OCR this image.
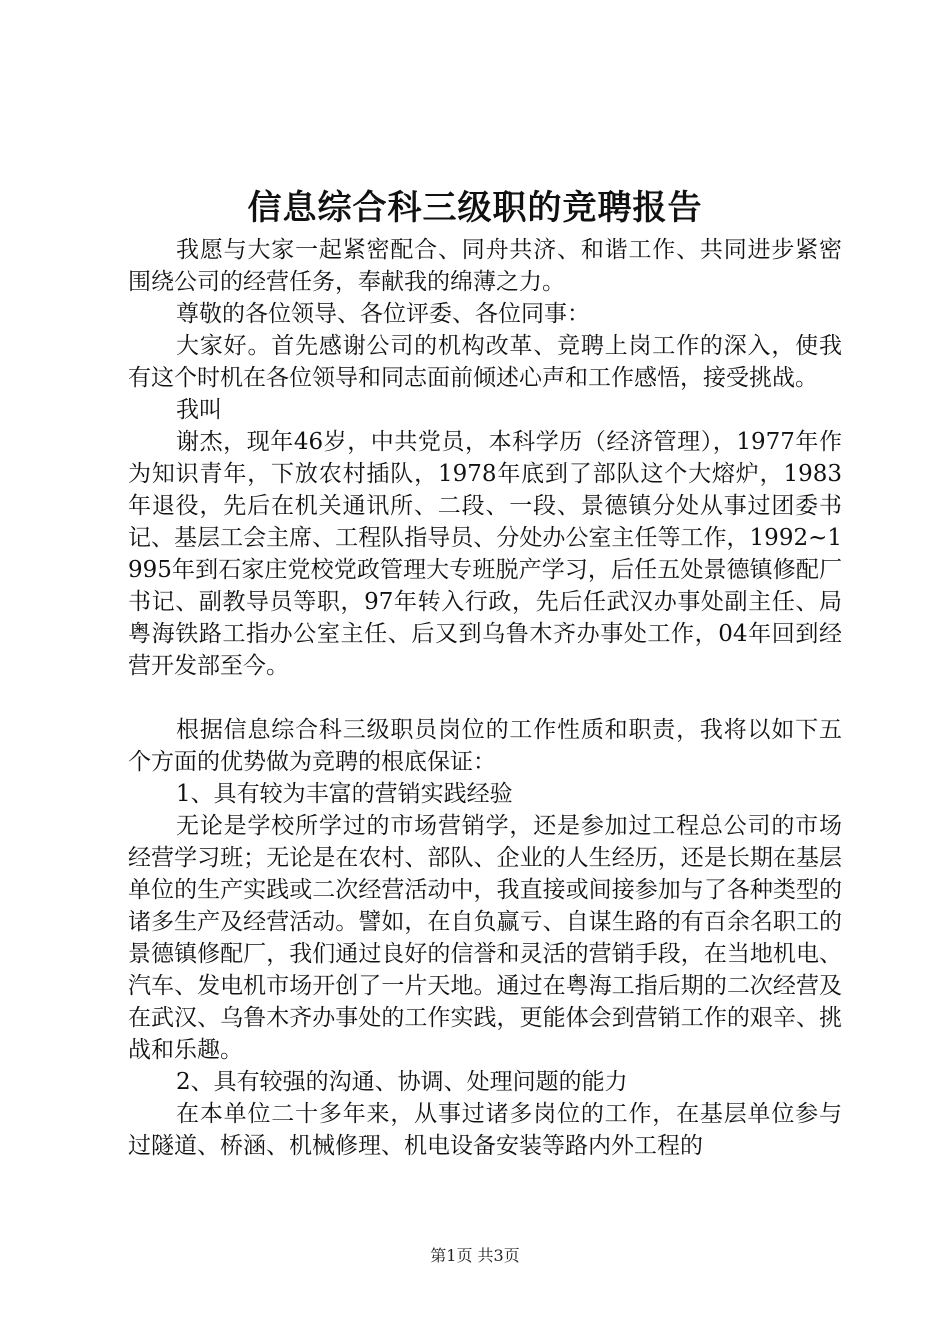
信息综合科三级职的竞聘报告

我愿与大家一起紧密配合、同舟共济、和谐工作、共同进步紧密围绕公司的经营任务，奉献我的绵薄之力。

尊敬的各位领导、各位评委、各位同事：

大家好。首先感谢公司的机构改革、竞聘上岗工作的深入，使我有这个时机在各位领导和同志面前倾述心声和工作感悟，接受挑战。

我叫

谢杰，现年46岁，中共党员，本科学历（经济管理），1977年作为知识青年，下放农村插队，1978年底到了部队这个大熔炉，1983年退役，先后在机关通讯所、二段、一段、景德镇分处从事过团委书记、基层工会主席、工程队指导员、分处办公室主任等工作，1992~1995年到石家庄党校党政管理大专班脱产学习，后任五处景德镇修配厂书记、副教导员等职，97年转入行政，先后任武汉办事处副主任、局粤海铁路工指办公室主任、后又到乌鲁木齐办事处工作，04年回到经营开发部至今。

根据信息综合科三级职员岗位的工作性质和职责，我将以如下五个方面的优势做为竞聘的根底保证：

1、具有较为丰富的营销实践经验

无论是学校所学过的市场营销学，还是参加过工程总公司的市场经营学习班；无论是在农村、部队、企业的人生经历，还是长期在基层单位的生产实践或二次经营活动中，我直接或间接参加与了各种类型的诸多生产及经营活动。譬如，在自负赢亏、自谋生路的有百余名职工的景德镇修配厂，我们通过良好的信誉和灵活的营销手段，在当地机电、汽车、发电机市场开创了一片天地。通过在粤海工指后期的二次经营及在武汉、乌鲁木齐办事处的工作实践，更能体会到营销工作的艰辛、挑战和乐趣。

2、具有较强的沟通、协调、处理问题的能力

在本单位二十多年来，从事过诸多岗位的工作，在基层单位参与过隧道、桥涵、机械修理、机电设备安装等路内外工程的

第1页 共3页
